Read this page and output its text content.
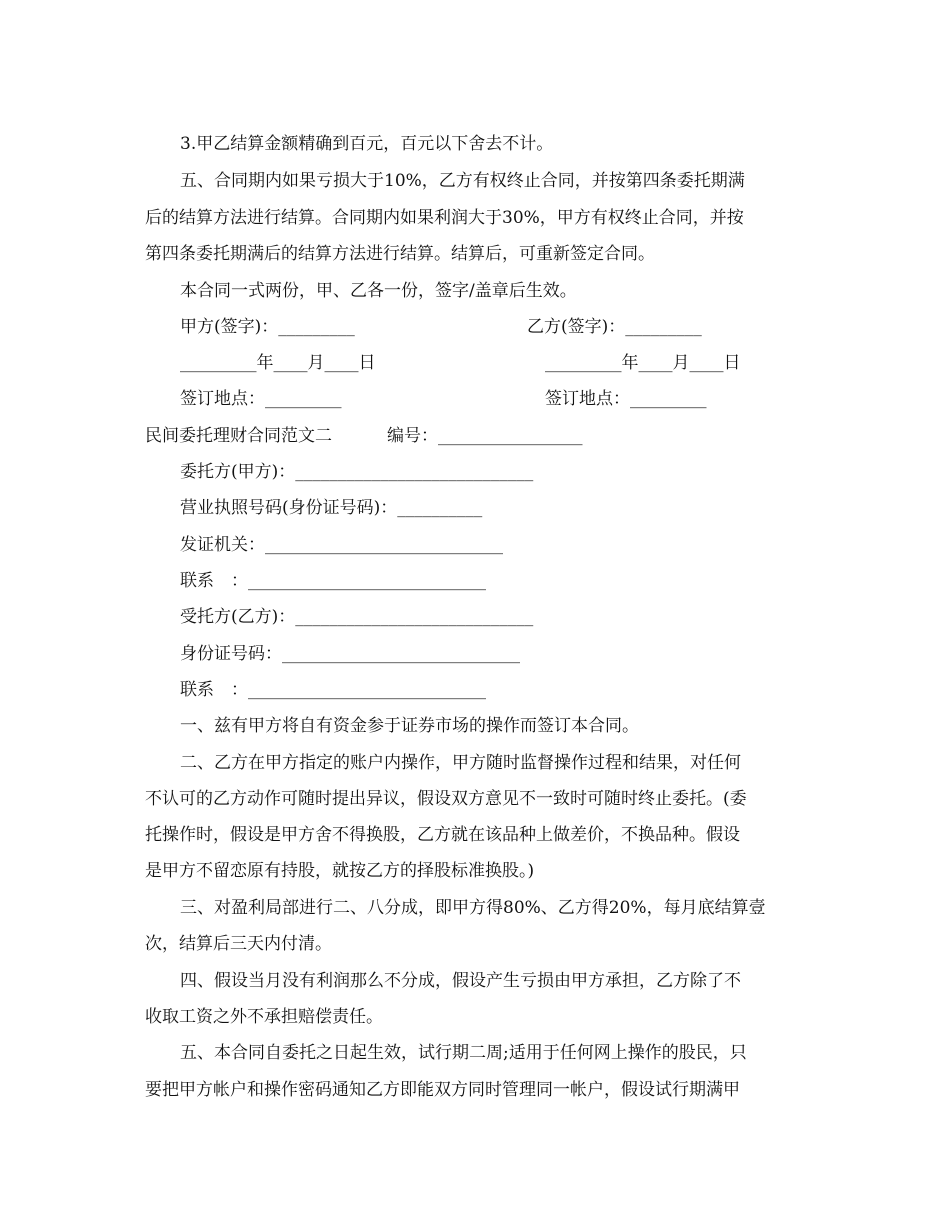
3.甲乙结算金额精确到百元，百元以下舍去不计。
五、合同期内如果亏损大于10%，乙方有权终止合同，并按第四条委托期满
后的结算方法进行结算。合同期内如果利润大于30%，甲方有权终止合同，并按
第四条委托期满后的结算方法进行结算。结算后，可重新签定合同。
本合同一式两份，甲、乙各一份，签字/盖章后生效。
甲方(签字)：_________	乙方(签字)：_________
_________年____月____日	_________年____月____日
签订地点：_________	签订地点：_________
民间委托理财合同范文二	编号：_________________
委托方(甲方)：____________________________
营业执照号码(身份证号码)：__________
发证机关：____________________________
联系　：____________________________
受托方(乙方)：____________________________
身份证号码：____________________________
联系　：____________________________
一、兹有甲方将自有资金参于证券市场的操作而签订本合同。
二、乙方在甲方指定的账户内操作，甲方随时监督操作过程和结果，对任何
不认可的乙方动作可随时提出异议，假设双方意见不一致时可随时终止委托。(委
托操作时，假设是甲方舍不得换股，乙方就在该品种上做差价，不换品种。假设
是甲方不留恋原有持股，就按乙方的择股标准换股。)
三、对盈利局部进行二、八分成，即甲方得80%、乙方得20%，每月底结算壹
次，结算后三天内付清。
四、假设当月没有利润那么不分成，假设产生亏损由甲方承担，乙方除了不
收取工资之外不承担赔偿责任。
五、本合同自委托之日起生效，试行期二周;适用于任何网上操作的股民，只
要把甲方帐户和操作密码通知乙方即能双方同时管理同一帐户，假设试行期满甲
